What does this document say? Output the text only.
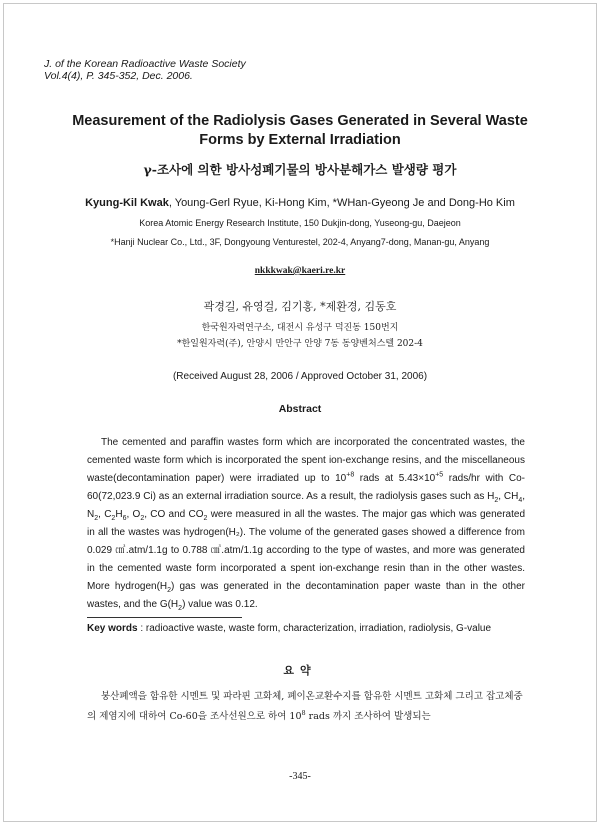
J. of the Korean Radioactive Waste Society
Vol.4(4), P. 345-352, Dec. 2006.
Measurement of the Radiolysis Gases Generated in Several Waste
Forms by External Irradiation
γ-조사에 의한 방사성폐기물의 방사분해가스 발생량 평가
Kyung-Kil Kwak, Young-Gerl Ryue, Ki-Hong Kim, *WHan-Gyeong Je and Dong-Ho Kim
Korea Atomic Energy Research Institute, 150 Dukjin-dong, Yuseong-gu, Daejeon
*Hanji Nuclear Co., Ltd., 3F, Dongyoung Venturestel, 202-4, Anyang7-dong, Manan-gu, Anyang
nkkkwak@kaeri.re.kr
곽경길, 유영걸, 김기홍, *제환경, 김동호
한국원자력연구소, 대전시 유성구 덕진동 150번지
*한일원자력(주), 안양시 만안구 안양 7동 동양벤처스텔 202-4
(Received August 28, 2006 / Approved October 31, 2006)
Abstract

The cemented and paraffin wastes form which are incorporated the concentrated wastes, the cemented waste form which is incorporated the spent ion-exchange resins, and the miscellaneous waste(decontamination paper) were irradiated up to $10^{+8}$ rads at $5.43\times 10^{+5}$ rads/hr with Co-60(72,023.9 Ci) as an external irradiation source. As a result, the radiolysis gases such as $H_2$, $CH_4$, $N_2$, $C_2H_6$, $O_2$, CO and $CO_2$ were measured in all the wastes. The major gas which was generated in all the wastes was hydrogen(H₂). The volume of the generated gases showed a difference from 0.029 ㎤.atm/1.1g to 0.788 ㎤.atm/1.1g according to the type of wastes, and more was generated in the cemented waste form incorporated a spent ion-exchange resin than in the other wastes. More $hydrogen(H_2)$ gas was generated in the decontamination paper waste than in the other wastes, and the $G(H_2)$ value was 0.12.

Key words : radioactive waste, waste form, characterization, irradiation, radiolysis, G-value
요약

붕산폐액을 함유한 시멘트 및 파라핀 고화체, 폐이온교환수지를 함유한 시멘트 고화체 그리고 잡고체중의 제염지에 대하여 Co-60을 조사선원으로 하여 $10^8$ rads 까지 조사하여 발생되는

-345-
